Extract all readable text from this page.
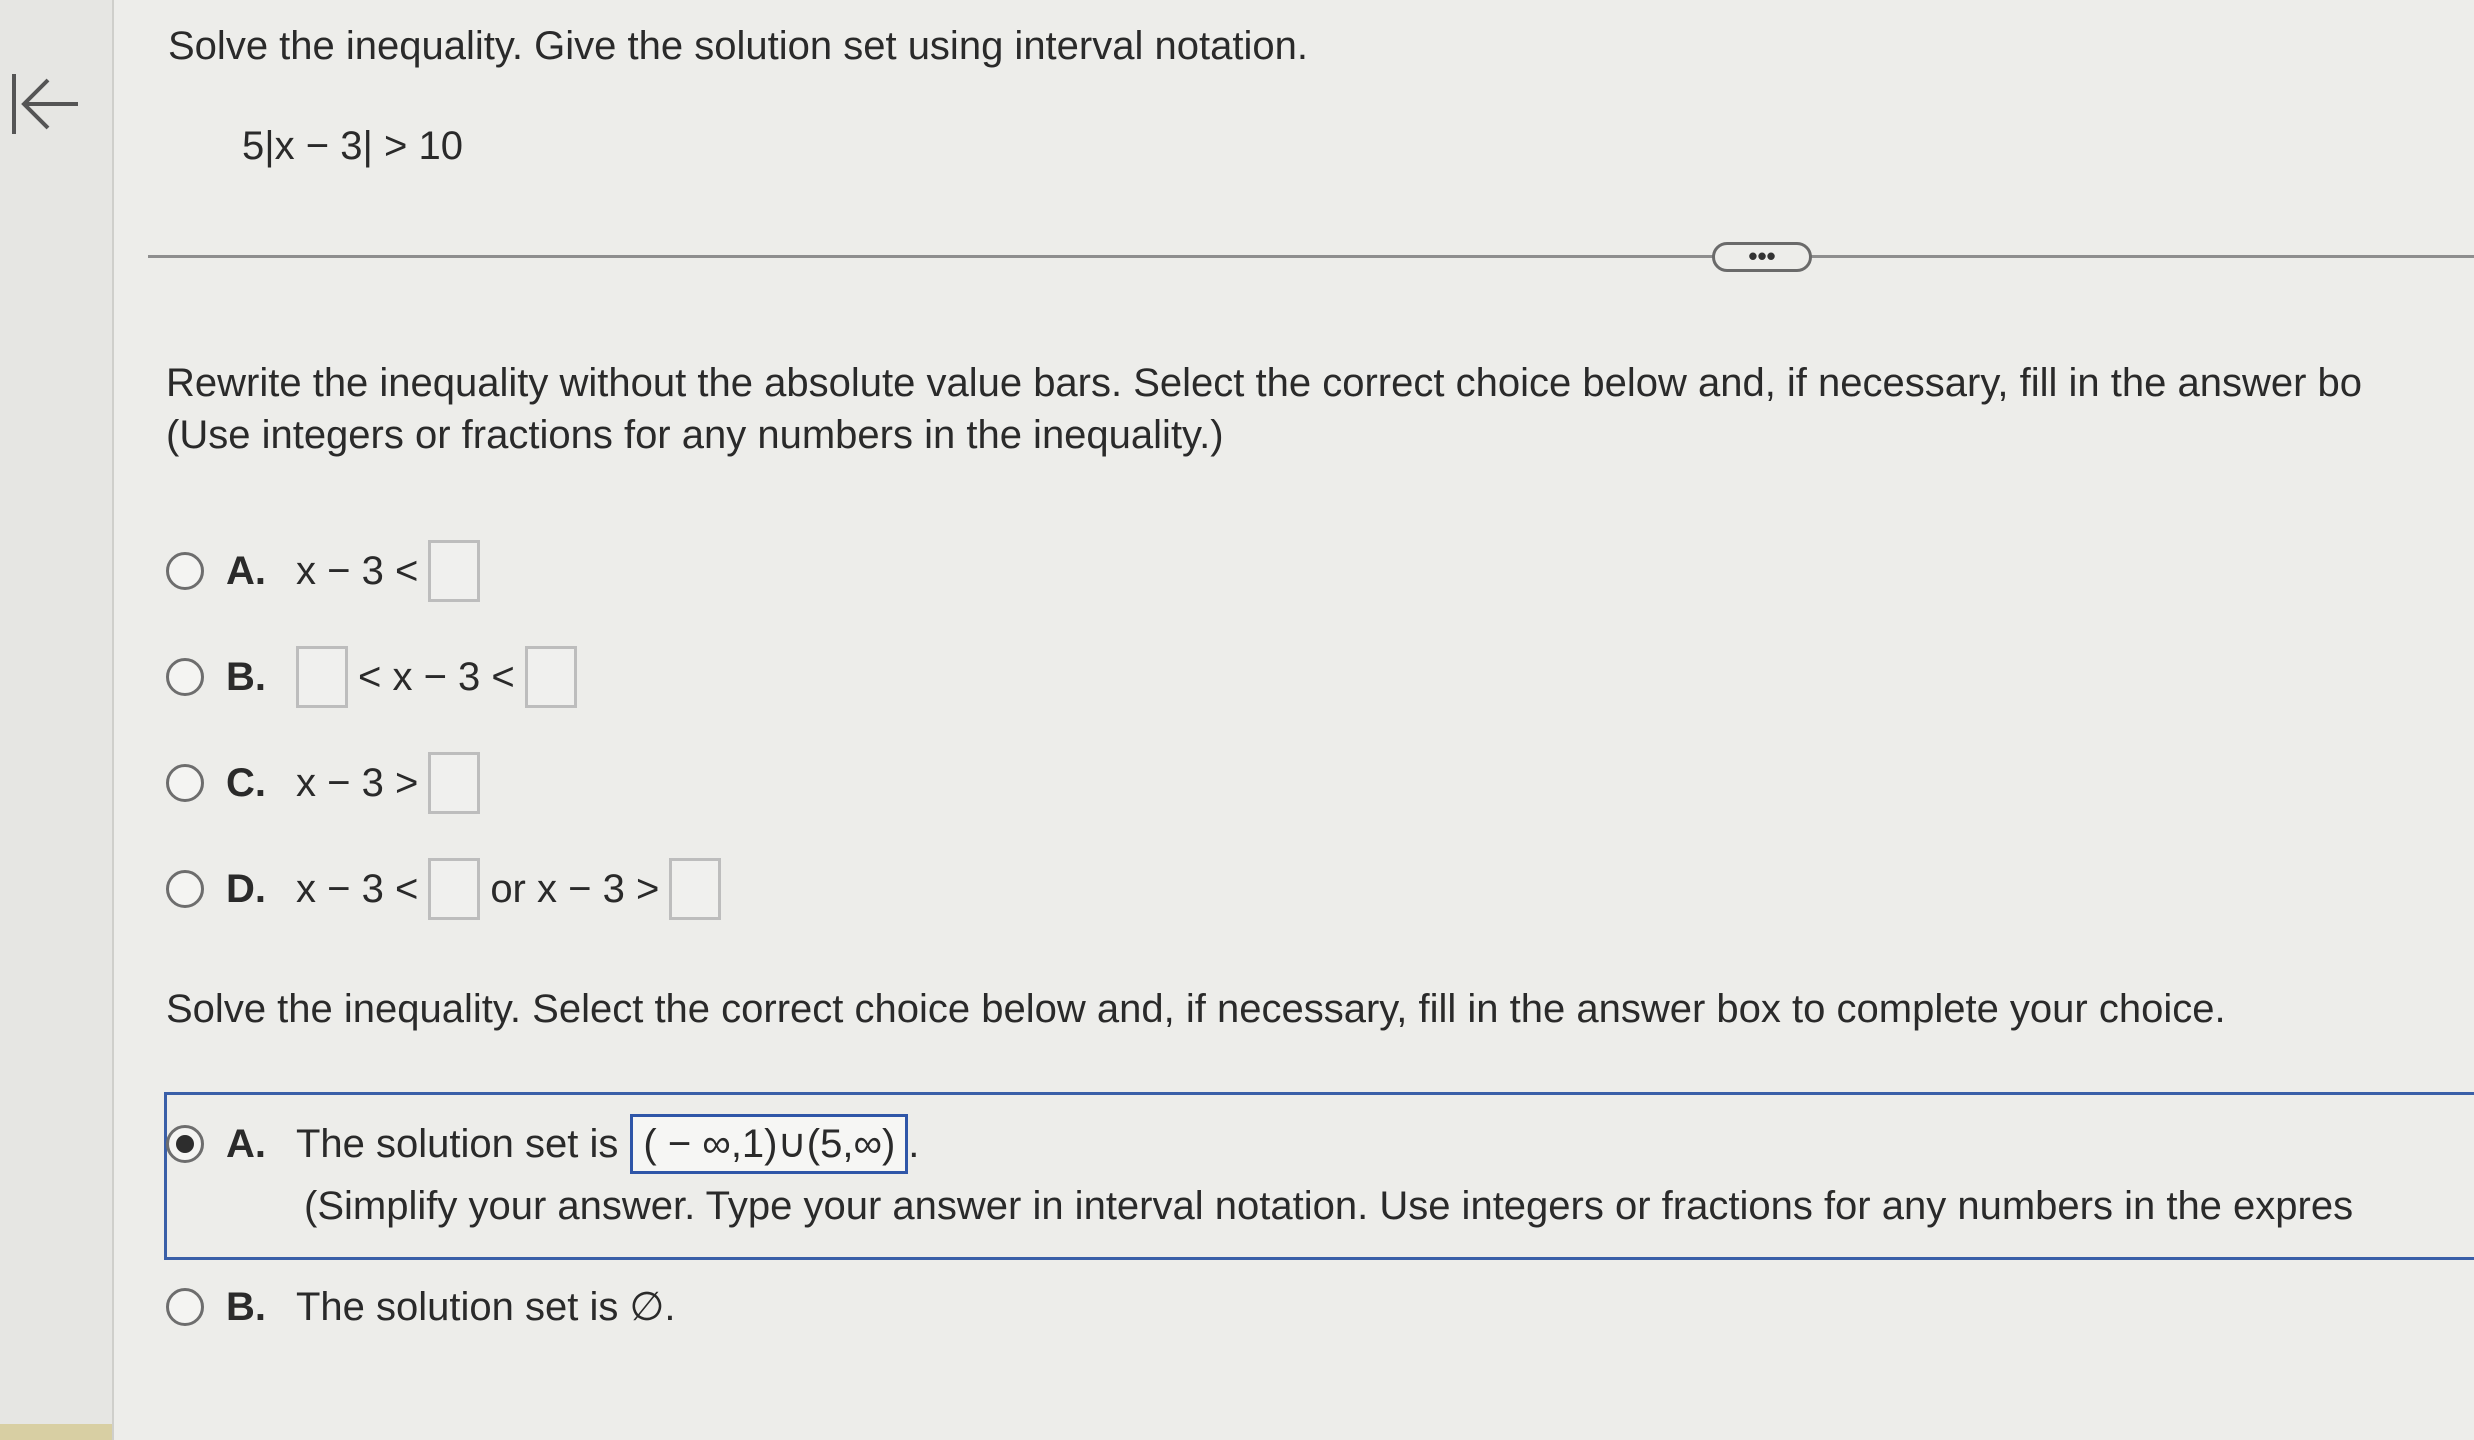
Solve the inequality. Give the solution set using interval notation.
5|x − 3| > 10
•••
Rewrite the inequality without the absolute value bars. Select the correct choice below and, if necessary, fill in the answer bo
(Use integers or fractions for any numbers in the inequality.)
A. x − 3 <
B.	< x − 3 <
C. x − 3 >
D. x − 3 < or x − 3 >
Solve the inequality. Select the correct choice below and, if necessary, fill in the answer box to complete your choice.
A. The solution set is ( − ∞,1)∪(5,∞) .
(Simplify your answer. Type your answer in interval notation. Use integers or fractions for any numbers in the expres
B. The solution set is ∅.
